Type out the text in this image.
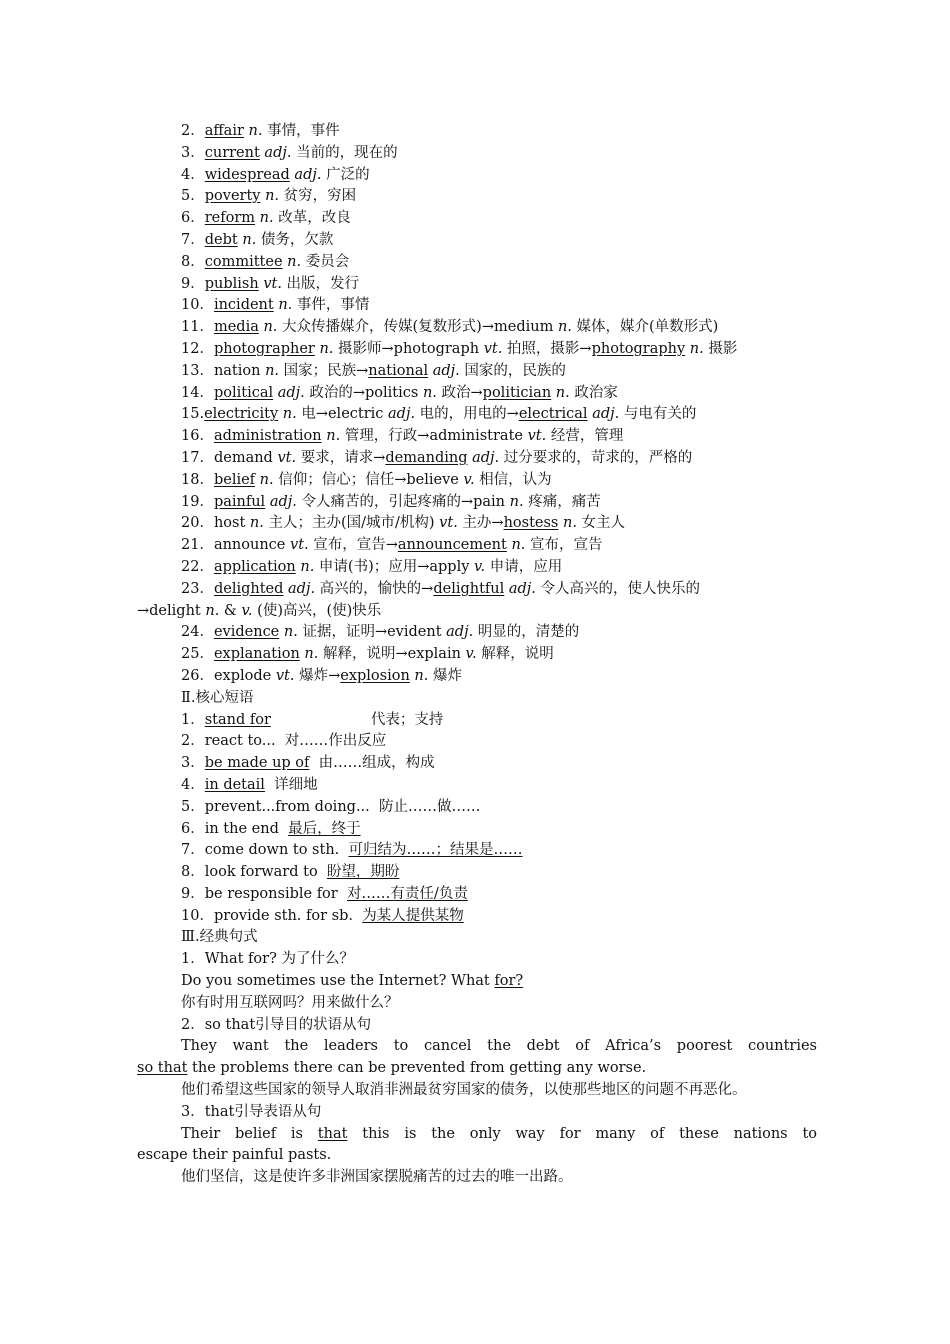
2．affair n. 事情，事件
3．current adj. 当前的，现在的
4．widespread adj. 广泛的
5．poverty n. 贫穷，穷困
6．reform n. 改革，改良
7．debt n. 债务，欠款
8．committee n. 委员会
9．publish vt. 出版，发行
10．incident n. 事件，事情
11．media n. 大众传播媒介，传媒(复数形式)→medium n. 媒体，媒介(单数形式)
12．photographer n. 摄影师→photograph vt. 拍照，摄影→photography n. 摄影
13．nation n. 国家；民族→national adj. 国家的，民族的
14．political adj. 政治的→politics n. 政治→politician n. 政治家
15.electricity n. 电→electric adj. 电的，用电的→electrical adj. 与电有关的
16．administration n. 管理，行政→administrate vt. 经营，管理
17．demand vt. 要求，请求→demanding adj. 过分要求的，苛求的，严格的
18．belief n. 信仰；信心；信任→believe v. 相信，认为
19．painful adj. 令人痛苦的，引起疼痛的→pain n. 疼痛，痛苦
20．host n. 主人；主办(国/城市/机构) vt. 主办→hostess n. 女主人
21．announce vt. 宣布，宣告→announcement n. 宣布，宣告
22．application n. 申请(书)；应用→apply v. 申请，应用
23．delighted adj. 高兴的，愉快的→delightful adj. 令人高兴的，使人快乐的
→delight n. & v. (使)高兴，(使)快乐
24．evidence n. 证据，证明→evident adj. 明显的，清楚的
25．explanation n. 解释，说明→explain v. 解释，说明
26．explode vt. 爆炸→explosion n. 爆炸
Ⅱ.核心短语
1．stand for	代表；支持
2．react to...  对……作出反应
3．be made up of  由……组成，构成
4．in detail  详细地
5．prevent...from doing...  防止……做……
6．in the end  最后，终于
7．come down to sth.  可归结为……；结果是……
8．look forward to  盼望，期盼
9．be responsible for  对……有责任/负责
10．provide sth. for sb.  为某人提供某物
Ⅲ.经典句式
1．What for? 为了什么？
Do you sometimes use the Internet? What for?
你有时用互联网吗？用来做什么？
2．so that引导目的状语从句
They want the leaders to cancel the debt of Africa’s poorest countries
so that the problems there can be prevented from getting any worse.
他们希望这些国家的领导人取消非洲最贫穷国家的债务，以使那些地区的问题不再恶化。
3．that引导表语从句
Their belief is that this is the only way for many of these nations to
escape their painful pasts.
他们坚信，这是使许多非洲国家摆脱痛苦的过去的唯一出路。
